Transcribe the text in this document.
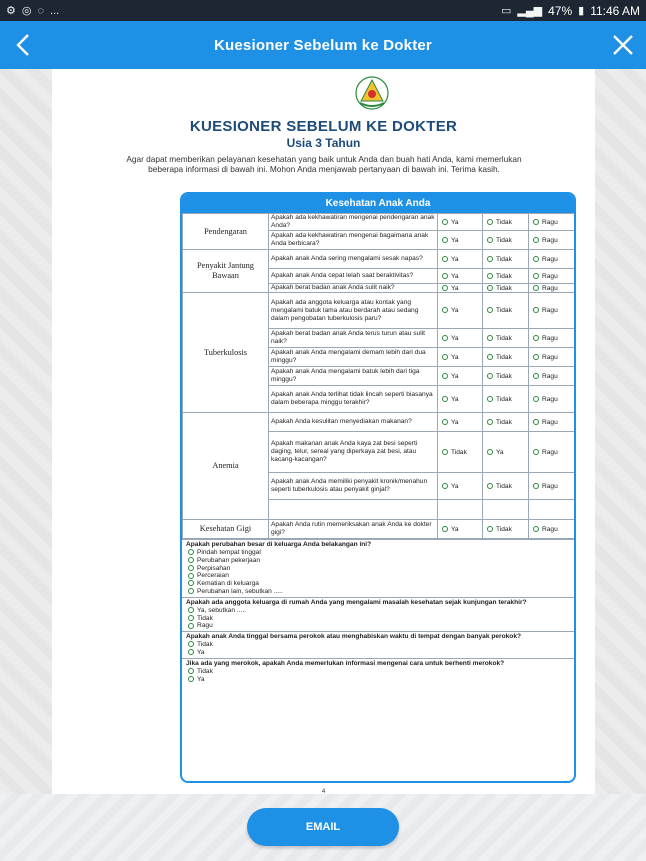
⚙ ◎ ◌ ...	▭ ▂▄▆ 47% ▮ 11:46 AM
Kuesioner Sebelum ke Dokter
KUESIONER SEBELUM KE DOKTER
Usia 3 Tahun
Agar dapat memberikan pelayanan kesehatan yang baik untuk Anda dan buah hati Anda, kami memerlukan beberapa informasi di bawah ini. Mohon Anda menjawab pertanyaan di bawah ini. Terima kasih.
Kesehatan Anak Anda
Pendengaran	Apakah ada kekhawatiran mengenai pendengaran anak Anda?	Ya	Tidak	Ragu
	Apakah ada kekhawatiran mengenai bagaimana anak Anda berbicara?	Ya	Tidak	Ragu
Penyakit Jantung Bawaan	Apakah anak Anda sering mengalami sesak napas?	Ya	Tidak	Ragu
	Apakah anak Anda cepat lelah saat beraktivitas?	Ya	Tidak	Ragu
	Apakah berat badan anak Anda sulit naik?	Ya	Tidak	Ragu
Tuberkulosis	Apakah ada anggota keluarga atau kontak yang mengalami batuk lama atau berdarah atau sedang dalam pengobatan tuberkulosis paru?	Ya	Tidak	Ragu
	Apakah berat badan anak Anda terus turun atau sulit naik?	Ya	Tidak	Ragu
	Apakah anak Anda mengalami demam lebih dari dua minggu?	Ya	Tidak	Ragu
	Apakah anak Anda mengalami batuk lebih dari tiga minggu?	Ya	Tidak	Ragu
	Apakah anak Anda terlihat tidak lincah seperti biasanya dalam beberapa minggu terakhir?	Ya	Tidak	Ragu
Anemia	Apakah Anda kesulitan menyediakan makanan?	Ya	Tidak	Ragu
	Apakah makanan anak Anda kaya zat besi seperti daging, telur, sereal yang diperkaya zat besi, atau kacang-kacangan?	Tidak	Ya	Ragu
	Apakah anak Anda memiliki penyakit kronik/menahun seperti tuberkulosis atau penyakit ginjal?	Ya	Tidak	Ragu

Kesehatan Gigi	Apakah Anda rutin memeriksakan anak Anda ke dokter gigi?	Ya	Tidak	Ragu
Apakah perubahan besar di keluarga Anda belakangan ini?
Pindah tempat tinggal
Perubahan pekerjaan
Perpisahan
Perceraian
Kematian di keluarga
Perubahan lain, sebutkan .....
Apakah ada anggota keluarga di rumah Anda yang mengalami masalah kesehatan sejak kunjungan terakhir?
Ya, sebutkan .....
Tidak
Ragu
Apakah anak Anda tinggal bersama perokok atau menghabiskan waktu di tempat dengan banyak perokok?
Tidak
Ya
Jika ada yang merokok, apakah Anda memerlukan informasi mengenai cara untuk berhenti merokok?
Tidak
Ya
4
EMAIL
